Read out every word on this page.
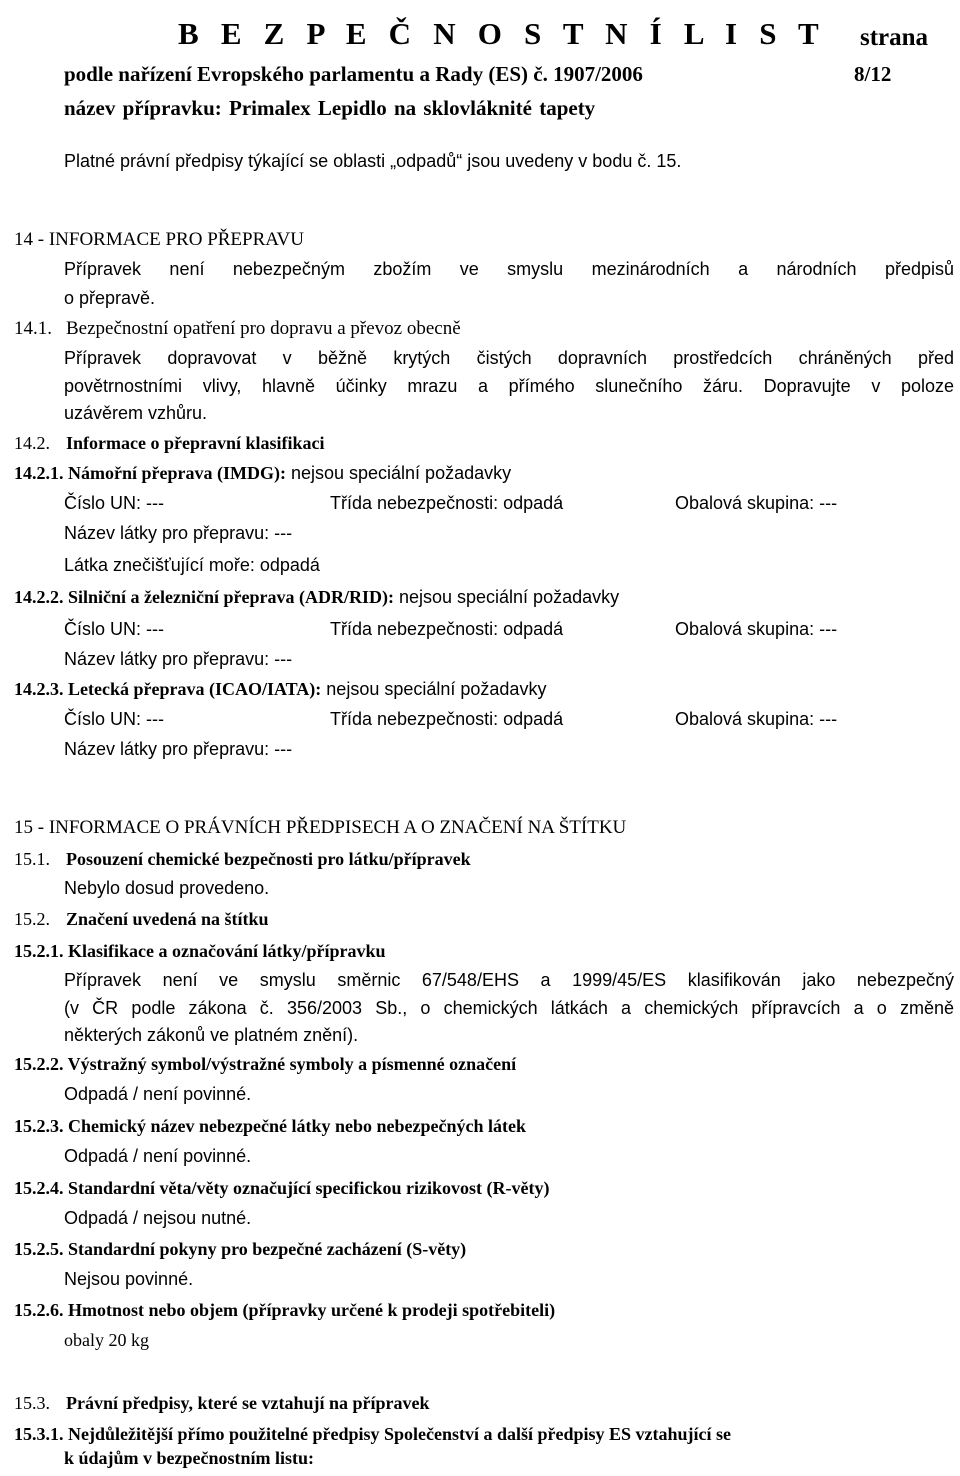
B E Z P E Č N O S T N Í L I S T strana
podle nařízení Evropského parlamentu a Rady (ES) č. 1907/2006	8/12
název přípravku: Primalex Lepidlo na sklovláknité tapety
Platné právní předpisy týkající se oblasti „odpadů“ jsou uvedeny v bodu č. 15.
14 - INFORMACE PRO PŘEPRAVU
Přípravek není nebezpečným zbožím ve smyslu mezinárodních a národních předpisů
o přepravě.
14.1. Bezpečnostní opatření pro dopravu a převoz obecně
Přípravek dopravovat v běžně krytých čistých dopravních prostředcích chráněných před
povětrnostními vlivy, hlavně účinky mrazu a přímého slunečního žáru. Dopravujte v poloze
uzávěrem vzhůru.
14.2. Informace o přepravní klasifikaci
14.2.1. Námořní přeprava (IMDG): nejsou speciální požadavky
Číslo UN: ---	Třída nebezpečnosti: odpadá	Obalová skupina: ---
Název látky pro přepravu: ---
Látka znečišťující moře: odpadá
14.2.2. Silniční a železniční přeprava (ADR/RID): nejsou speciální požadavky
Číslo UN: ---	Třída nebezpečnosti: odpadá	Obalová skupina: ---
Název látky pro přepravu: ---
14.2.3. Letecká přeprava (ICAO/IATA): nejsou speciální požadavky
Číslo UN: ---	Třída nebezpečnosti: odpadá	Obalová skupina: ---
Název látky pro přepravu: ---
15 - INFORMACE O PRÁVNÍCH PŘEDPISECH A O ZNAČENÍ NA ŠTÍTKU
15.1. Posouzení chemické bezpečnosti pro látku/přípravek
Nebylo dosud provedeno.
15.2. Značení uvedená na štítku
15.2.1. Klasifikace a označování látky/přípravku
Přípravek není ve smyslu směrnic 67/548/EHS a 1999/45/ES klasifikován jako nebezpečný
(v ČR podle zákona č. 356/2003 Sb., o chemických látkách a chemických přípravcích a o změně
některých zákonů ve platném znění).
15.2.2. Výstražný symbol/výstražné symboly a písmenné označení
Odpadá / není povinné.
15.2.3. Chemický název nebezpečné látky nebo nebezpečných látek
Odpadá / není povinné.
15.2.4. Standardní věta/věty označující specifickou rizikovost (R-věty)
Odpadá / nejsou nutné.
15.2.5. Standardní pokyny pro bezpečné zacházení (S-věty)
Nejsou povinné.
15.2.6. Hmotnost nebo objem (přípravky určené k prodeji spotřebiteli)
obaly 20 kg
15.3. Právní předpisy, které se vztahují na přípravek
15.3.1. Nejdůležitější přímo použitelné předpisy Společenství a další předpisy ES vztahující se
k údajům v bezpečnostním listu:
